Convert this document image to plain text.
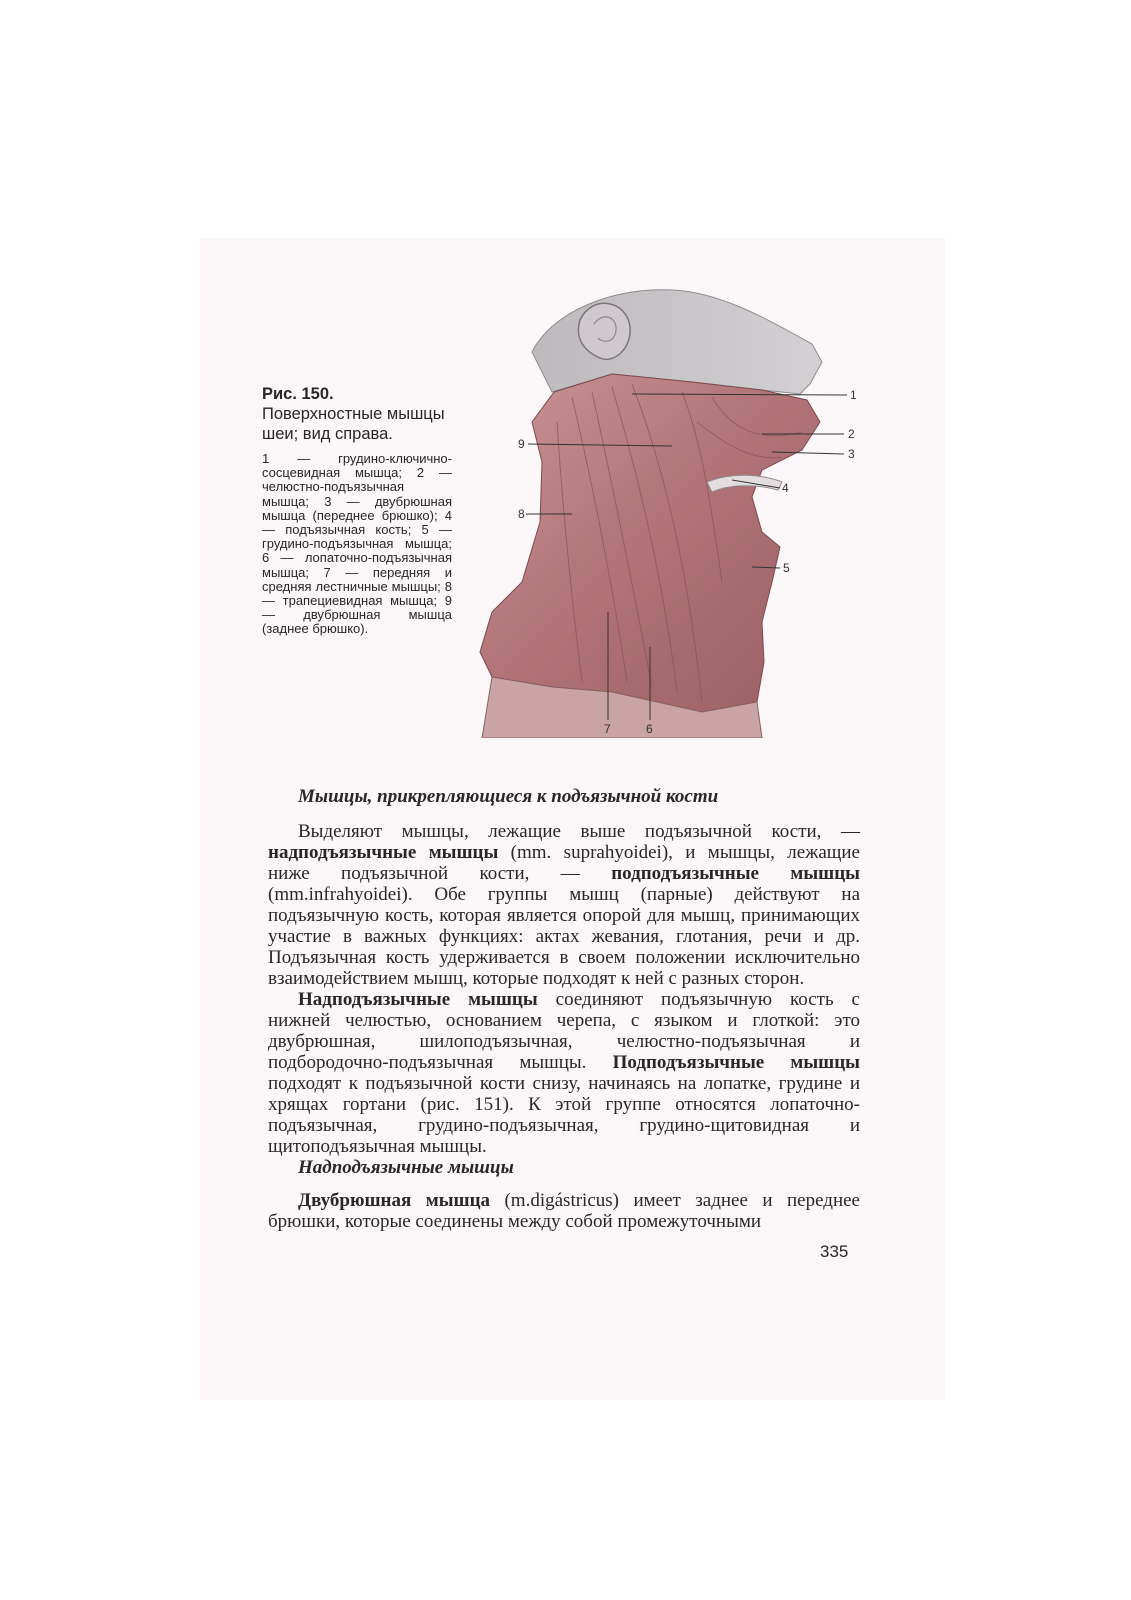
Рис. 150. Поверхностные мышцы шеи; вид справа.

1 — грудино-ключично-сосцевидная мышца; 2 — челюстно-подъязычная мышца; 3 — двубрюшная мышца (переднее брюшко); 4 — подъязычная кость; 5 — грудино-подъязычная мышца; 6 — лопаточно-подъязычная мышца; 7 — передняя и средняя лестничные мышцы; 8 — трапециевидная мышца; 9 — двубрюшная мышца (заднее брюшко).

1
2
3
4
5
6
7
8
9
Мышцы, прикрепляющиеся к подъязычной кости

Выделяют мышцы, лежащие выше подъязычной кости, — надподъязычные мышцы (mm. suprahyoidei), и мышцы, лежащие ниже подъязычной кости, — подподъязычные мышцы (mm.infrahyoidei). Обе группы мышц (парные) действуют на подъязычную кость, которая является опорой для мышц, принимающих участие в важных функциях: актах жевания, глотания, речи и др. Подъязычная кость удерживается в своем положении исключительно взаимодействием мышц, которые подходят к ней с разных сторон.

Надподъязычные мышцы соединяют подъязычную кость с нижней челюстью, основанием черепа, с языком и глоткой: это двубрюшная, шилоподъязычная, челюстно-подъязычная и подбородочно-подъязычная мышцы. Подподъязычные мышцы подходят к подъязычной кости снизу, начинаясь на лопатке, грудине и хрящах гортани (рис. 151). К этой группе относятся лопаточно-подъязычная, грудино-подъязычная, грудино-щитовидная и щитоподъязычная мышцы.

Надподъязычные мышцы

Двубрюшная мышца (m.digástricus) имеет заднее и переднее брюшки, которые соединены между собой промежуточными

335
